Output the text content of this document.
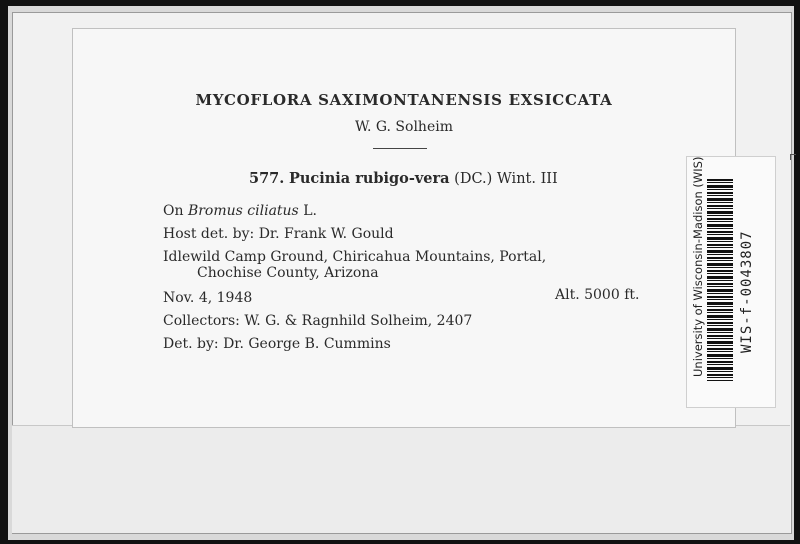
MYCOFLORA SAXIMONTANENSIS EXSICCATA
W. G. Solheim
577. Pucinia rubigo-vera (DC.) Wint. III
On Bromus ciliatus L.
Host det. by: Dr. Frank W. Gould
Idlewild Camp Ground, Chiricahua Mountains, Portal,
Chochise County, Arizona
Nov. 4, 1948	Alt. 5000 ft.
Collectors: W. G. & Ragnhild Solheim, 2407
Det. by: Dr. George B. Cummins	University of Wisconsin-Madison (WIS) WIS-f-0043807
